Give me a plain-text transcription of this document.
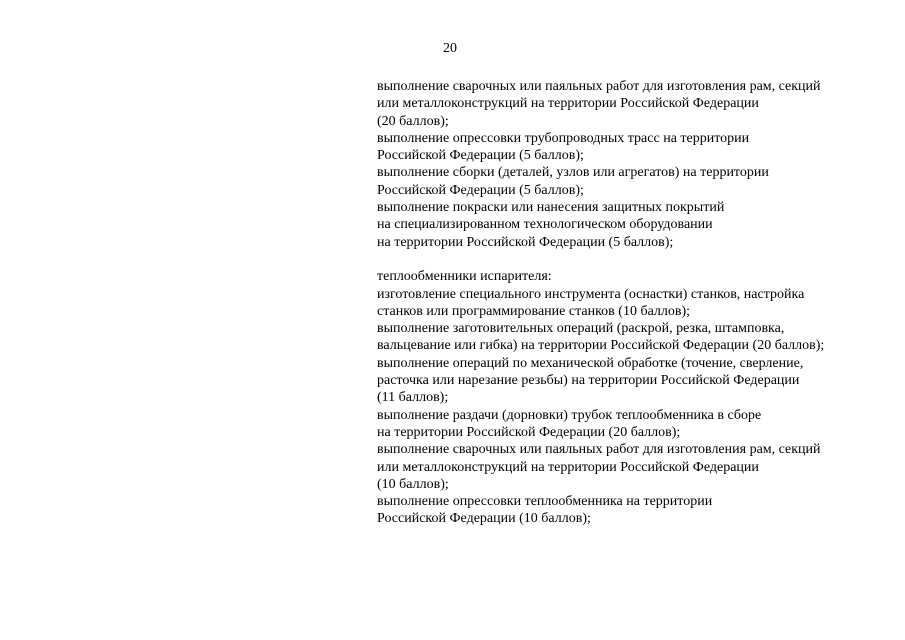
20
выполнение сварочных или паяльных работ для изготовления рам, секций
или металлоконструкций на территории Российской Федерации
(20 баллов);
выполнение опрессовки трубопроводных трасс на территории
Российской Федерации (5 баллов);
выполнение сборки (деталей, узлов или агрегатов) на территории
Российской Федерации (5 баллов);
выполнение покраски или нанесения защитных покрытий
на специализированном технологическом оборудовании
на территории Российской Федерации (5 баллов);
теплообменники испарителя:
изготовление специального инструмента (оснастки) станков, настройка
станков или программирование станков (10 баллов);
выполнение заготовительных операций (раскрой, резка, штамповка,
вальцевание или гибка) на территории Российской Федерации (20 баллов);
выполнение операций по механической обработке (точение, сверление,
расточка или нарезание резьбы) на территории Российской Федерации
(11 баллов);
выполнение раздачи (дорновки) трубок теплообменника в сборе
на территории Российской Федерации (20 баллов);
выполнение сварочных или паяльных работ для изготовления рам, секций
или металлоконструкций на территории Российской Федерации
(10 баллов);
выполнение опрессовки теплообменника на территории
Российской Федерации (10 баллов);
